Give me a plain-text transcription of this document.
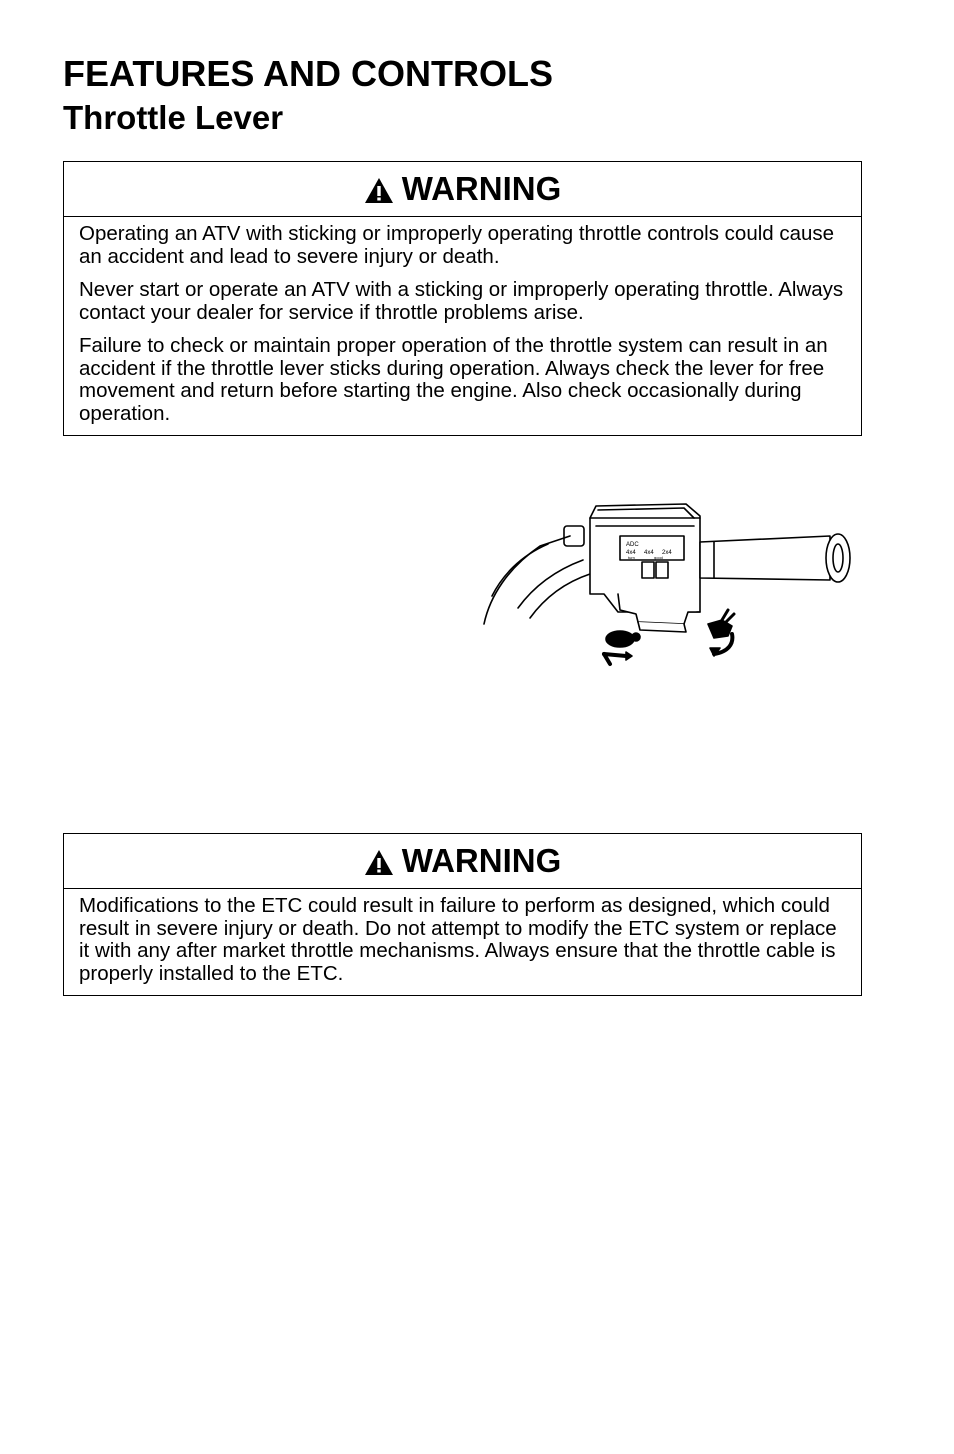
FEATURES AND CONTROLS
Throttle Lever
WARNING

Operating an ATV with sticking or improperly operating throttle controls could cause an accident and lead to severe injury or death.

Never start or operate an ATV with a sticking or improperly operating throttle. Always contact your dealer for service if throttle problems arise.

Failure to check or maintain proper operation of the throttle system can result in an accident if the throttle lever sticks during operation. Always check the lever for free movement and return before starting the engine. Also check occasionally during operation.

ADC
4x4 4x4 2x4
turn	good
WARNING

Modifications to the ETC could result in failure to perform as designed, which could result in severe injury or death. Do not attempt to modify the ETC system or replace it with any after market throttle mechanisms. Always ensure that the throttle cable is properly installed to the ETC.
